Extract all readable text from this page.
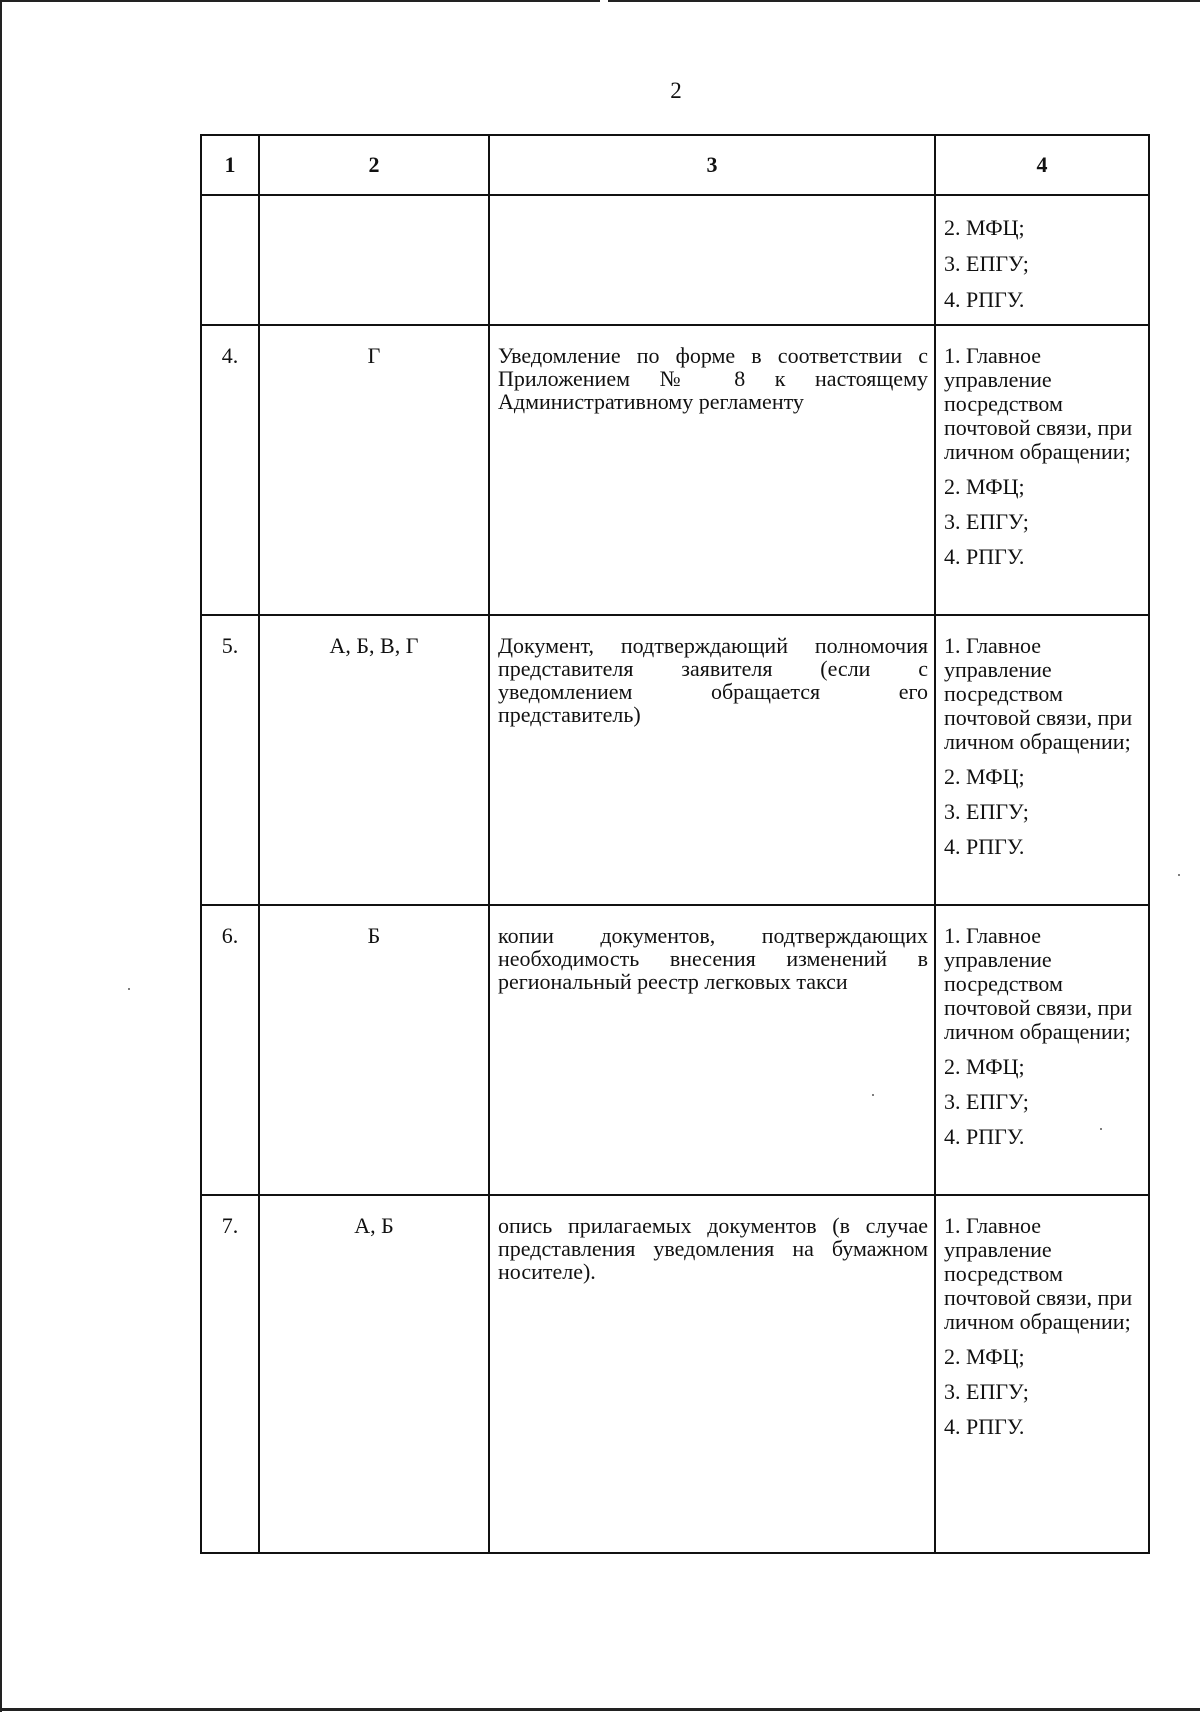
2
1	2	3	4

			2. МФЦ;
3. ЕПГУ;
4. РПГУ.

4.	Г	Уведомление по форме в соответствии с Приложением № 8 к настоящему Административному регламенту	1. Главное управление посредством почтовой связи, при личном обращении;
2. МФЦ;
3. ЕПГУ;
4. РПГУ.

5.	А, Б, В, Г	Документ, подтверждающий полномочия представителя заявителя (если с уведомлением обращается его представитель)	1. Главное управление посредством почтовой связи, при личном обращении;
2. МФЦ;
3. ЕПГУ;
4. РПГУ.

6.	Б	копии документов, подтверждающих необходимость внесения изменений в региональный реестр легковых такси	1. Главное управление посредством почтовой связи, при личном обращении;
2. МФЦ;
3. ЕПГУ;
4. РПГУ.

7.	А, Б	опись прилагаемых документов (в случае представления уведомления на бумажном носителе).	1. Главное управление посредством почтовой связи, при личном обращении;
2. МФЦ;
3. ЕПГУ;
4. РПГУ.
